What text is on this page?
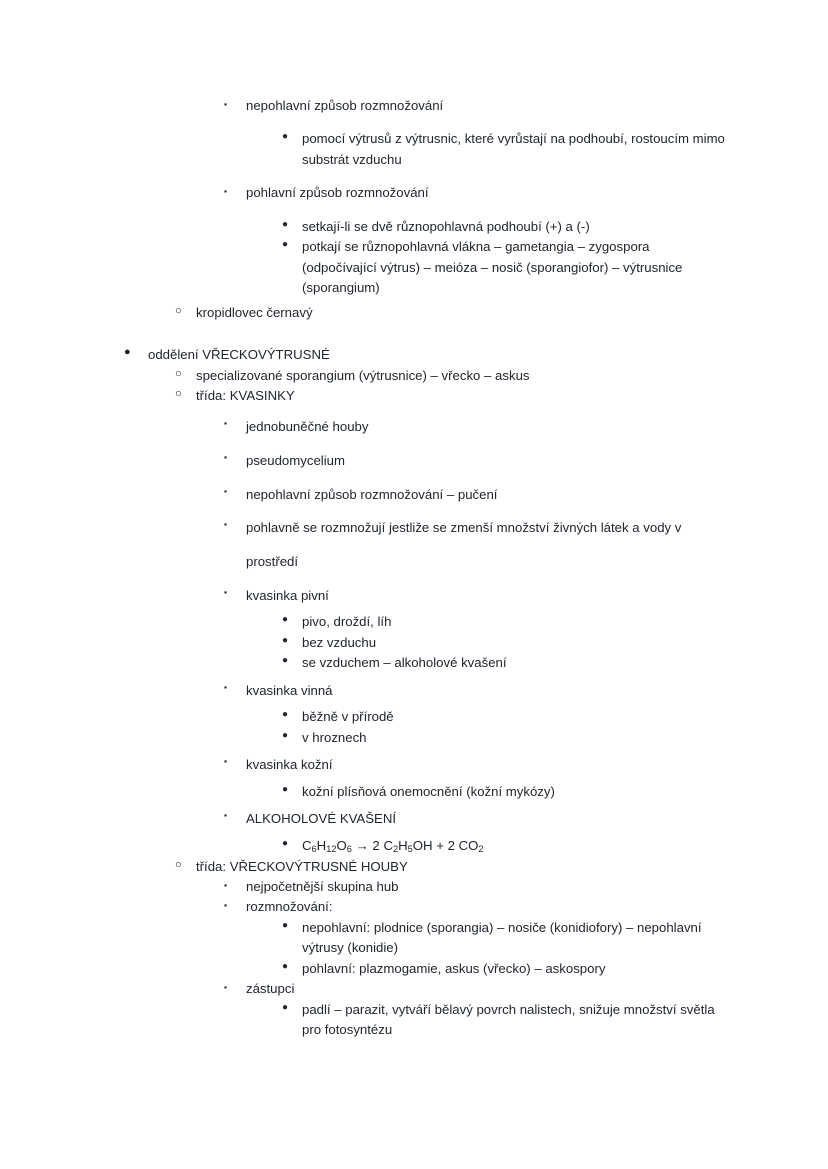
▪ nepohlavní způsob rozmnožování
● pomocí výtrusů z výtrusnic, které vyrůstají na podhoubí, rostoucím mimo substrát vzduchu
▪ pohlavní způsob rozmnožování
● setkají-li se dvě různopohlavná podhoubí (+) a (-)
● potkají se různopohlavná vlákna – gametangia – zygospora (odpočívající výtrus) – meióza – nosič (sporangiofor) – výtrusnice (sporangium)
○ kropidlovec černavý
● oddělení VŘECKOVÝTRUSNÉ
○ specializované sporangium (výtrusnice) – vřecko – askus
○ třída: KVASINKY
▪ jednobuněčné houby
▪ pseudomycelium
▪ nepohlavní způsob rozmnožování – pučení
▪ pohlavně se rozmnožují jestliže se zmenší množství živných látek a vody v prostředí
▪ kvasinka pivní
● pivo, droždí, líh
● bez vzduchu
● se vzduchem – alkoholové kvašení
▪ kvasinka vinná
● běžně v přírodě
● v hroznech
▪ kvasinka kožní
● kožní plísňová onemocnění (kožní mykózy)
▪ ALKOHOLOVÉ KVAŠENÍ
● $C_6H_{12}O_6 \to 2$ $C_2H_5OH + 2$ $CO_2$
○ třída: VŘECKOVÝTRUSNÉ HOUBY
▪ nejpočetnější skupina hub
▪ rozmnožování:
● nepohlavní: plodnice (sporangia) – nosiče (konidiofory) – nepohlavní výtrusy (konidie)
● pohlavní: plazmogamie, askus (vřecko) – askospory
▪ zástupci
● padlí – parazit, vytváří bělavý povrch nalistech, snižuje množství světla pro fotosyntézu
